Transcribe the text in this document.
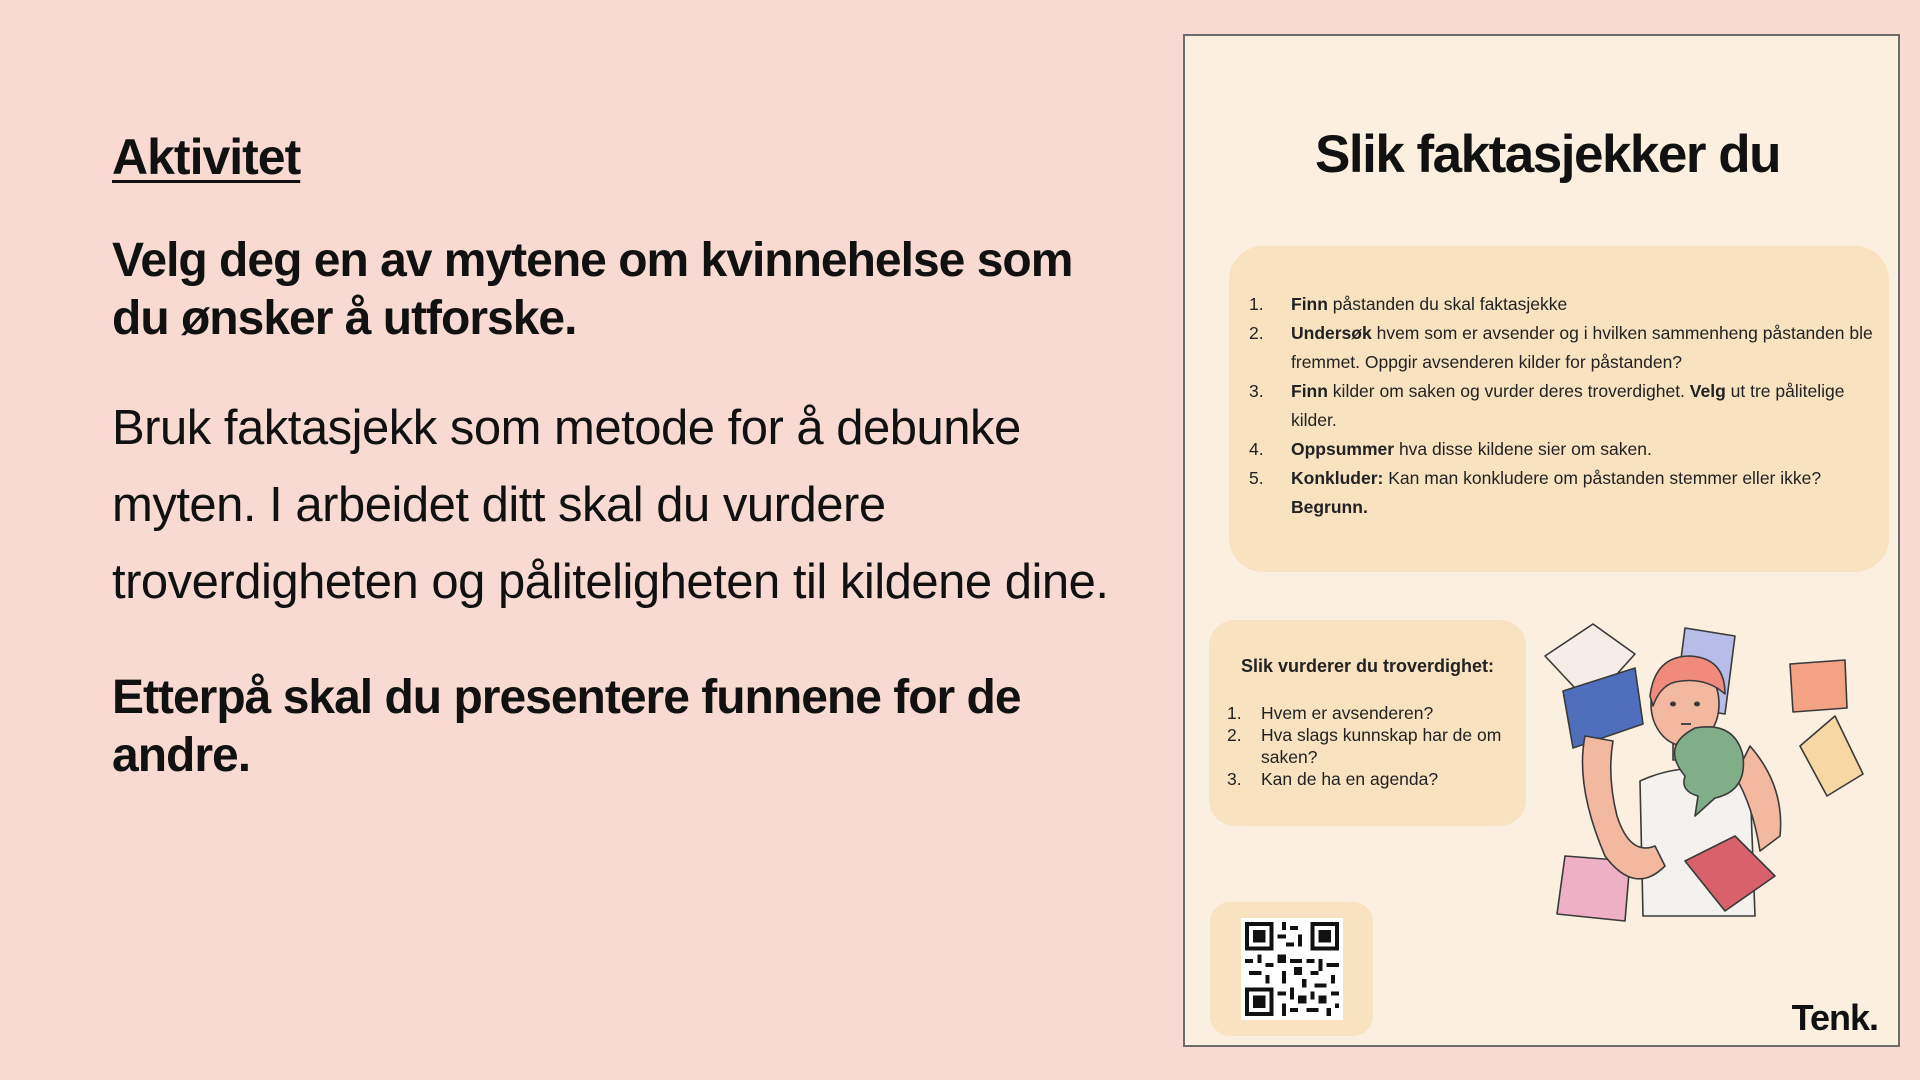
Aktivitet
Velg deg en av mytene om kvinnehelse som du ønsker å utforske.
Bruk faktasjekk som metode for å debunke myten. I arbeidet ditt skal du vurdere troverdigheten og påliteligheten til kildene dine.
Etterpå skal du presentere funnene for de andre.
Slik faktasjekker du
1. Finn påstanden du skal faktasjekke
2. Undersøk hvem som er avsender og i hvilken sammenheng påstanden ble fremmet. Oppgir avsenderen kilder for påstanden?
3. Finn kilder om saken og vurder deres troverdighet. Velg ut tre pålitelige kilder.
4. Oppsummer hva disse kildene sier om saken.
5. Konkluder: Kan man konkludere om påstanden stemmer eller ikke? Begrunn.
Slik vurderer du troverdighet:
1. Hvem er avsenderen?
2. Hva slags kunnskap har de om saken?
3. Kan de ha en agenda?
Tenk.
